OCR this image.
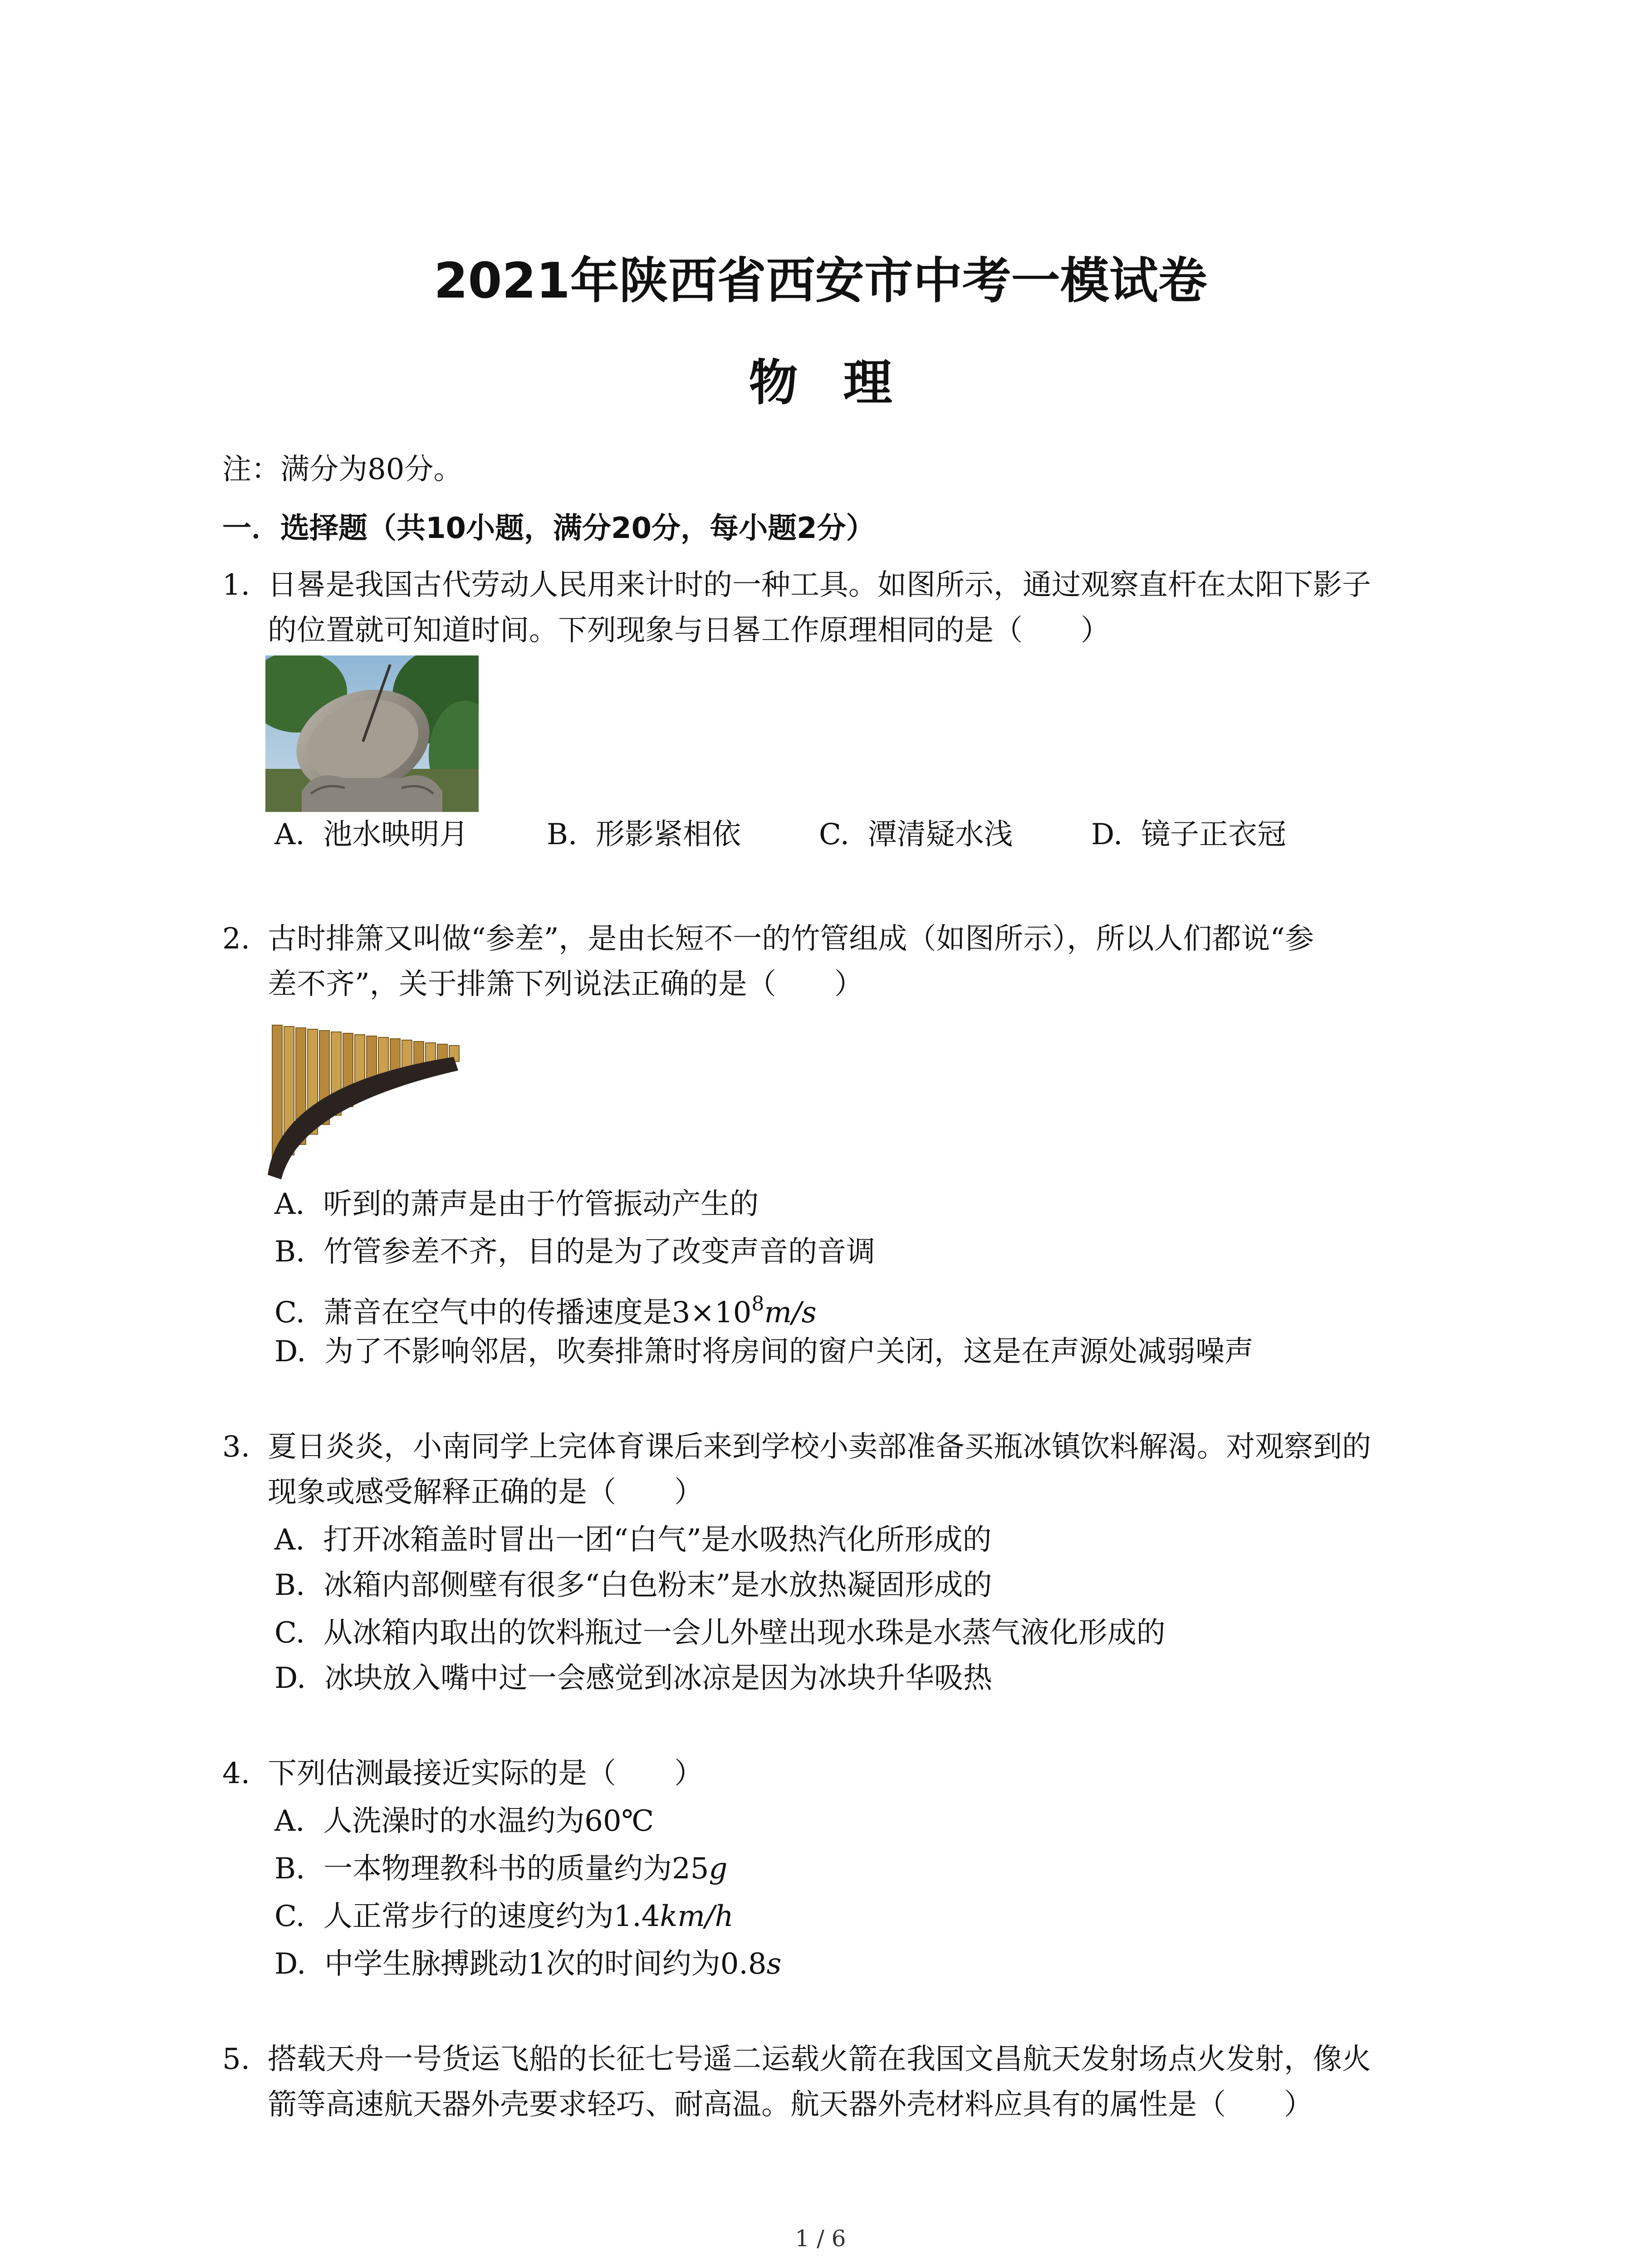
2021年陕西省西安市中考一模试卷
物理
注：满分为80分。
一．选择题（共10小题，满分20分，每小题2分）
1. 日晷是我国古代劳动人民用来计时的一种工具。如图所示，通过观察直杆在太阳下影子
的位置就可知道时间。下列现象与日晷工作原理相同的是（　　）
A. 池水映明月	B. 形影紧相依	C. 潭清疑水浅	D. 镜子正衣冠
2. 古时排箫又叫做“参差”，是由长短不一的竹管组成（如图所示），所以人们都说“参
差不齐”，关于排箫下列说法正确的是（　　）
A. 听到的萧声是由于竹管振动产生的
B. 竹管参差不齐，目的是为了改变声音的音调
C. 萧音在空气中的传播速度是$3\times 10^8m/s$
D. 为了不影响邻居，吹奏排箫时将房间的窗户关闭，这是在声源处减弱噪声
3. 夏日炎炎，小南同学上完体育课后来到学校小卖部准备买瓶冰镇饮料解渴。对观察到的
现象或感受解释正确的是（　　）
A. 打开冰箱盖时冒出一团“白气”是水吸热汽化所形成的
B. 冰箱内部侧壁有很多“白色粉末”是水放热凝固形成的
C. 从冰箱内取出的饮料瓶过一会儿外壁出现水珠是水蒸气液化形成的
D. 冰块放入嘴中过一会感觉到冰凉是因为冰块升华吸热
4. 下列估测最接近实际的是（　　）
A. 人洗澡时的水温约为60℃
B. 一本物理教科书的质量约为25g
C. 人正常步行的速度约为1.4km/h
D. 中学生脉搏跳动1次的时间约为0.8s
5. 搭载天舟一号货运飞船的长征七号遥二运载火箭在我国文昌航天发射场点火发射，像火
箭等高速航天器外壳要求轻巧、耐高温。航天器外壳材料应具有的属性是（　　）
1 / 6
